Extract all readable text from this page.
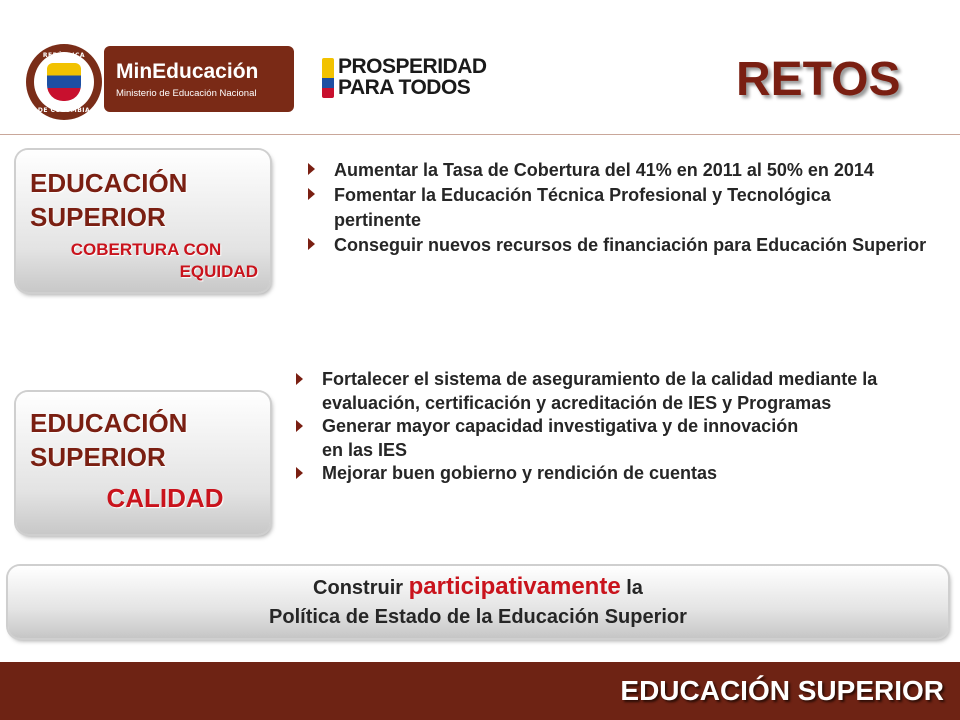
REPÚBLICA
DE COLOMBIA
MinEducación
Ministerio de Educación Nacional
PROSPERIDAD
PARA TODOS	RETOS
EDUCACIÓN
SUPERIOR
COBERTURA CON
EQUIDAD
Aumentar la Tasa de Cobertura del 41% en 2011 al 50% en 2014
Fomentar la Educación Técnica Profesional y Tecnológica pertinente
Conseguir nuevos recursos de financiación para Educación Superior
EDUCACIÓN
SUPERIOR
CALIDAD
Fortalecer el sistema de aseguramiento de la calidad mediante la evaluación, certificación y acreditación de IES y Programas
Generar mayor capacidad investigativa y de innovación en las IES
Mejorar buen gobierno y rendición de cuentas
Construir participativamente la
Política de Estado de la Educación Superior
EDUCACIÓN SUPERIOR
